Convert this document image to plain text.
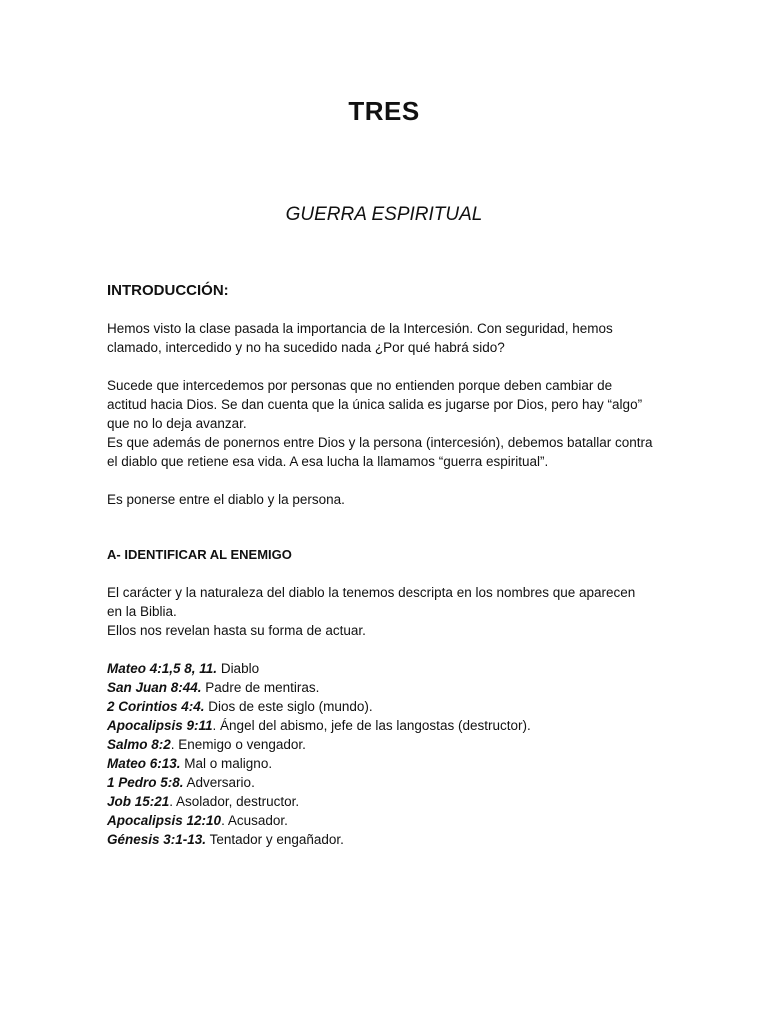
TRES
GUERRA ESPIRITUAL
INTRODUCCIÓN:
Hemos visto la clase pasada la importancia de la Intercesión. Con seguridad, hemos
clamado, intercedido y no ha sucedido nada ¿Por qué habrá sido?
Sucede que intercedemos por personas que no entienden porque deben cambiar de
actitud hacia Dios. Se dan cuenta que la única salida es jugarse por Dios, pero hay “algo”
que no lo deja avanzar.
Es que además de ponernos entre Dios y la persona (intercesión), debemos batallar contra
el diablo que retiene esa vida. A esa lucha la llamamos “guerra espiritual”.
Es ponerse entre el diablo y la persona.
A- IDENTIFICAR AL ENEMIGO
El carácter y la naturaleza del diablo la tenemos descripta en los nombres que aparecen
en la Biblia.
Ellos nos revelan hasta su forma de actuar.
Mateo 4:1,5 8, 11. Diablo
San Juan 8:44. Padre de mentiras.
2 Corintios 4:4. Dios de este siglo (mundo).
Apocalipsis 9:11. Ángel del abismo, jefe de las langostas (destructor).
Salmo 8:2. Enemigo o vengador.
Mateo 6:13. Mal o maligno.
1 Pedro 5:8. Adversario.
Job 15:21. Asolador, destructor.
Apocalipsis 12:10. Acusador.
Génesis 3:1-13. Tentador y engañador.
